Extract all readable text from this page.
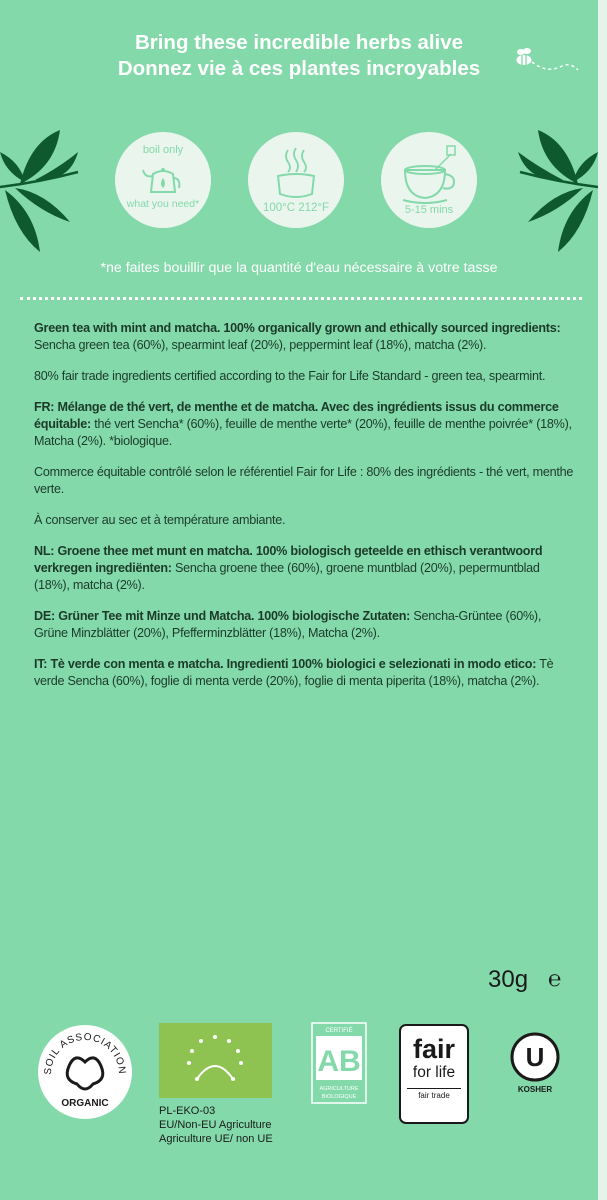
Bring these incredible herbs alive
Donnez vie à ces plantes incroyables
boil only
what you need*	100°C 212°F	5-15 mins
*ne faites bouillir que la quantité d'eau nécessaire à votre tasse

Green tea with mint and matcha. 100% organically grown and ethically sourced ingredients: Sencha green tea (60%), spearmint leaf (20%), peppermint leaf (18%), matcha (2%).

80% fair trade ingredients certified according to the Fair for Life Standard - green tea, spearmint.

FR: Mélange de thé vert, de menthe et de matcha. Avec des ingrédients issus du commerce équitable: thé vert Sencha* (60%), feuille de menthe verte* (20%), feuille de menthe poivrée* (18%), Matcha (2%). *biologique.

Commerce équitable contrôlé selon le référentiel Fair for Life : 80% des ingrédients - thé vert, menthe verte.

À conserver au sec et à température ambiante.

NL: Groene thee met munt en matcha. 100% biologisch geteelde en ethisch verantwoord verkregen ingrediënten: Sencha groene thee (60%), groene muntblad (20%), pepermuntblad (18%), matcha (2%).

DE: Grüner Tee mit Minze und Matcha. 100% biologische Zutaten: Sencha-Grüntee (60%), Grüne Minzblätter (20%), Pfefferminzblätter (18%), Matcha (2%).

IT: Tè verde con menta e matcha. Ingredienti 100% biologici e selezionati in modo etico: Tè verde Sencha (60%), foglie di menta verde (20%), foglie di menta piperita (18%), matcha (2%).

30g ℮
SOIL ASSOCIATION
ORGANIC
PL-EKO-03
EU/Non-EU Agriculture
Agriculture UE/ non UE
CERTIFIÉ
AB
AGRICULTURE
BIOLOGIQUE
fair
for life
fair trade
U
KOSHER
